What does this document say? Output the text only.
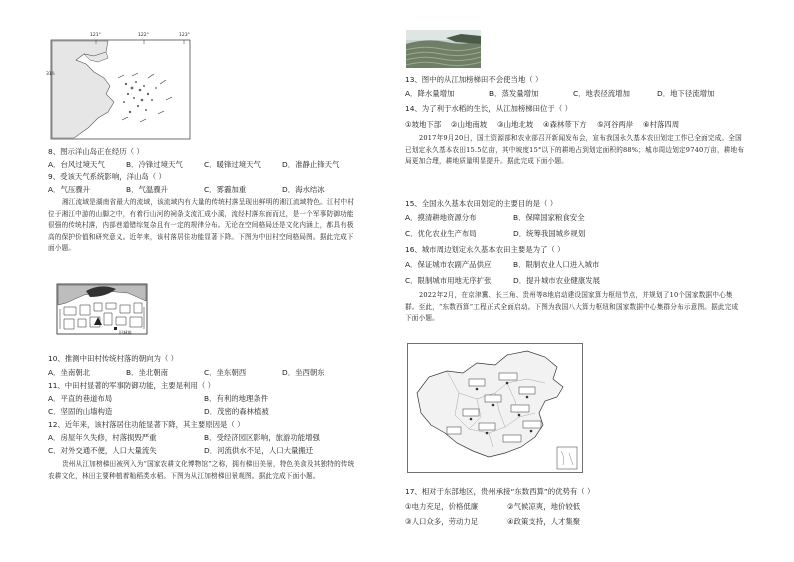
121°	122°	123°
31°
8、图示洋山岛正在经历（ ）
A．台风过境天气	B．冷锋过境天气	C．暖锋过境天气	D．准静止锋天气
9、受该天气系统影响，洋山岛（ ）
A．气压骤升	B．气温骤升	C．雾霾加重	D．海水结冰
湘江流域是湖南省最大的流域，该流域内有大量的传统村落呈现出鲜明的湘江流域特色。江村中村位于湘江中游的山脚之中，有着行山河的祠条支流汇成小溪，流经村落东面而过，是一个军事防御功能很强的传统村落，内部巷道错综复杂且有一定的规律分布。无论在空间格局还是文化内涵上，都具有极高的保护价值和研究意义。近年来，该村落居住功能显著下降。下图为中田村空间格局图。据此完成下面小题。
旧城墙
10、推测中田村传统村落的朝向为（ ）
A．坐南朝北	B．坐北朝南	C．坐东朝西	D．坐西朝东
11、中田村显著的军事防御功能，主要是利用（ ）
A．平直的巷道布局	B．有利的地理条件
C．坚固的山墙构造	D．茂密的森林植被
12、近年来，该村落居住功能显著下降，其主要原因是（ ）
A．房屋年久失修，村落损毁严重	B．受经济园区影响，旅游功能增强
C．对外交通不便，人口大量流失	D．河流供水不足，人口大量搬迁
贵州从江加榜梯田被列入为“国家农耕文化博物馆”之称，拥有梯田美景，特色美食及其独特的传统农耕文化，林田主要种植着籼稻类水稻。下图为从江加榜梯田景观图。据此完成下面小题。
13、图中的从江加榜梯田不会使当地（ ）
A．降水量增加	B．蒸发量增加	C．地表径流增加	D．地下径流增加
14、为了利于水稻的生长，从江加榜梯田位于（ ）
①坡地下部 ②山地南坡 ③山地北坡 ④森林带下方 ⑤河谷两岸 ⑥村落四周
2017年9月20日，国土资源部和农业部召开新闻发布会，宣布我国永久基本农田划定工作已全面完成。全国已划定永久基本农田15.5亿亩，其中坡度15°以下的耕地占到划定面积的88%；城市周边划定9740万亩，耕地布局更加合理，耕地质量明显提升。据此完成下面小题。
15、全国永久基本农田划定的主要目的是（ ）
A．摸清耕地资源分布	B．保障国家粮食安全
C．优化农业生产布局	D．统筹我国城乡规划
16、城市周边划定永久基本农田主要是为了（ ）
A．保证城市农副产品供应	B．限制农业人口进入城市
C．限制城市用地无序扩张	D．提升城市农业健康发展
2022年2月，在京津冀、长三角、贵州等8地启动建设国家算力枢纽节点，并规划了10个国家数据中心集群。至此，“东数西算”工程正式全面启动。下图为我国八大算力枢纽和国家数据中心集群分布示意图。据此完成下面小题。
17、相对于东部地区，贵州承接“东数西算”的优势有（ ）
①电力充足，价格低廉	②气候凉爽，地价较低
③人口众多，劳动力足	④政策支持，人才集聚
